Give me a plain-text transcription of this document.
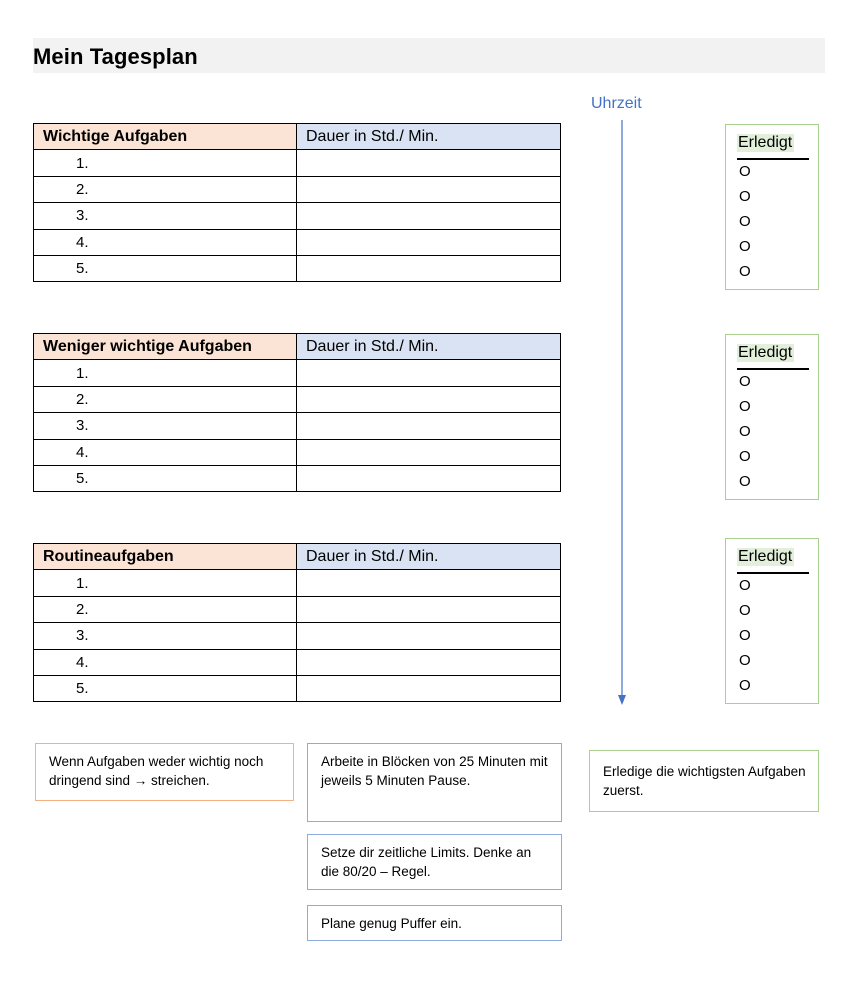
Mein Tagesplan
Uhrzeit
Wichtige Aufgaben	Dauer in Std./ Min.
1.	
2.	
3.	
4.	
5.	
Weniger wichtige Aufgaben	Dauer in Std./ Min.
1.	
2.	
3.	
4.	
5.	
Routineaufgaben	Dauer in Std./ Min.
1.	
2.	
3.	
4.	
5.	
Erledigt
O
O
O
O
O
Erledigt
O
O
O
O
O
Erledigt
O
O
O
O
O
Wenn Aufgaben weder wichtig noch dringend sind → streichen.
Arbeite in Blöcken von 25 Minuten mit jeweils 5 Minuten Pause.
Setze dir zeitliche Limits. Denke an die 80/20 – Regel.
Plane genug Puffer ein.
Erledige die wichtigsten Aufgaben zuerst.
